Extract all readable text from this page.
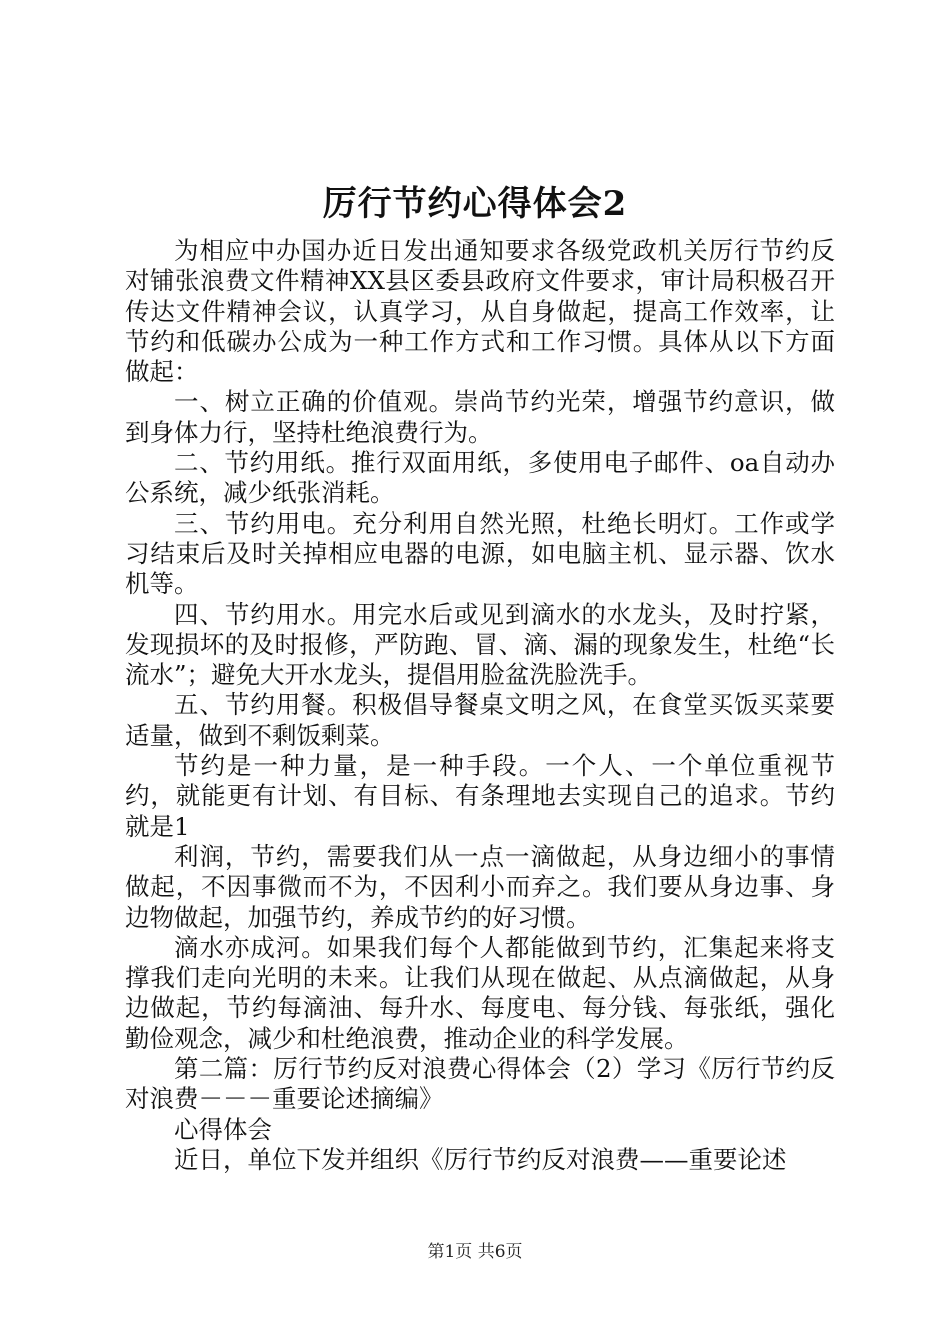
厉行节约心得体会2

为相应中办国办近日发出通知要求各级党政机关厉行节约反对铺张浪费文件精神XX县区委县政府文件要求，审计局积极召开传达文件精神会议，认真学习，从自身做起，提高工作效率，让节约和低碳办公成为一种工作方式和工作习惯。具体从以下方面做起：

一、树立正确的价值观。崇尚节约光荣，增强节约意识，做到身体力行，坚持杜绝浪费行为。

二、节约用纸。推行双面用纸，多使用电子邮件、oa自动办公系统，减少纸张消耗。

三、节约用电。充分利用自然光照，杜绝长明灯。工作或学习结束后及时关掉相应电器的电源，如电脑主机、显示器、饮水机等。

四、节约用水。用完水后或见到滴水的水龙头，及时拧紧，发现损坏的及时报修，严防跑、冒、滴、漏的现象发生，杜绝“长流水”；避免大开水龙头，提倡用脸盆洗脸洗手。

五、节约用餐。积极倡导餐桌文明之风，在食堂买饭买菜要适量，做到不剩饭剩菜。

节约是一种力量，是一种手段。一个人、一个单位重视节约，就能更有计划、有目标、有条理地去实现自己的追求。节约就是1

利润，节约，需要我们从一点一滴做起，从身边细小的事情做起，不因事微而不为，不因利小而弃之。我们要从身边事、身边物做起，加强节约，养成节约的好习惯。

滴水亦成河。如果我们每个人都能做到节约，汇集起来将支撑我们走向光明的未来。让我们从现在做起、从点滴做起，从身边做起，节约每滴油、每升水、每度电、每分钱、每张纸，强化勤俭观念，减少和杜绝浪费，推动企业的科学发展。

第二篇：厉行节约反对浪费心得体会（2）学习《厉行节约反对浪费－－－重要论述摘编》

心得体会

近日，单位下发并组织《厉行节约反对浪费——重要论述

第1页 共6页
